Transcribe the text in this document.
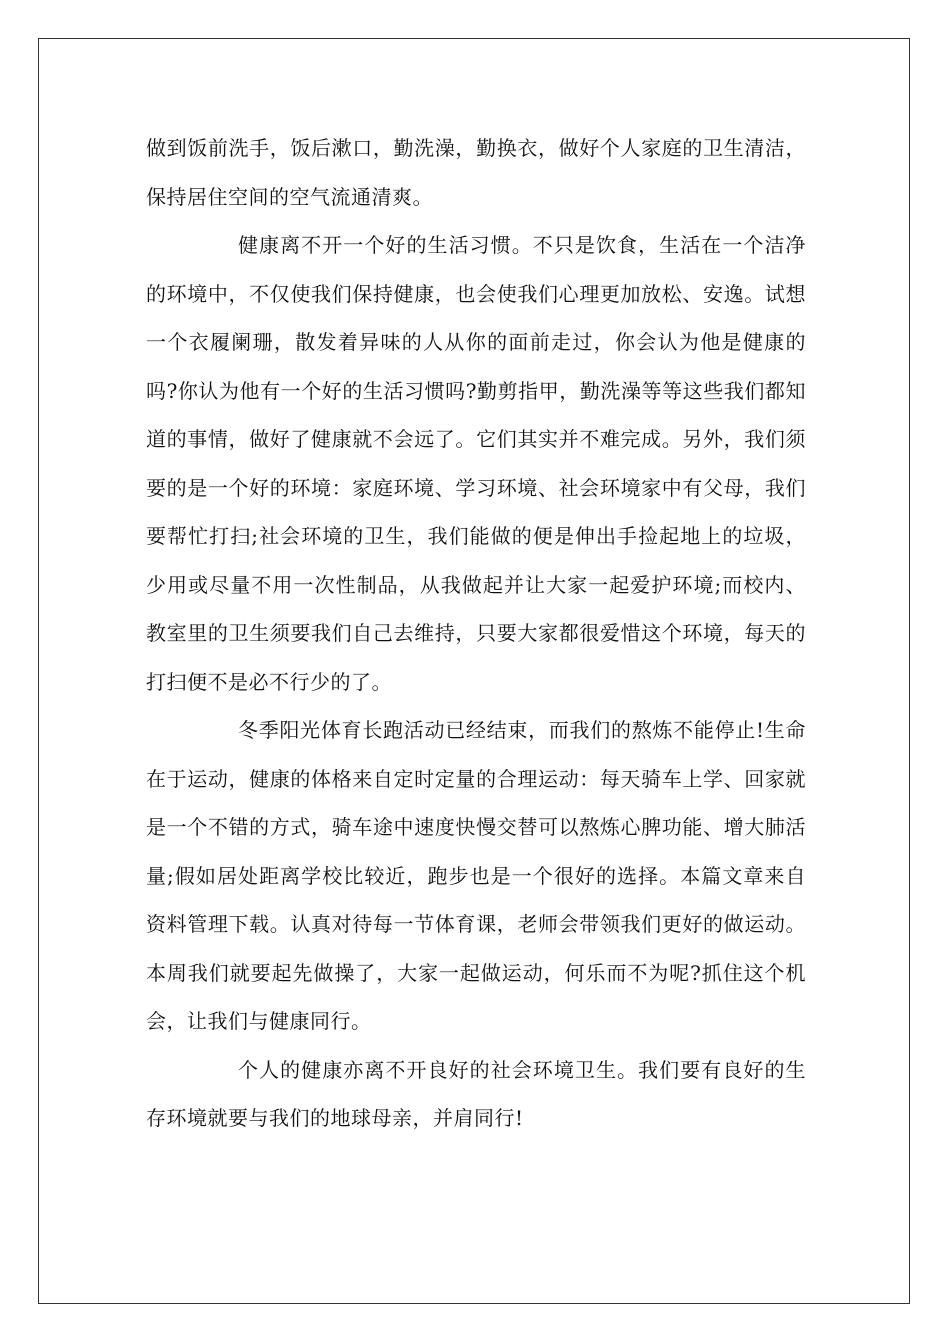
做到饭前洗手，饭后漱口，勤洗澡，勤换衣，做好个人家庭的卫生清洁，保持居住空间的空气流通清爽。

健康离不开一个好的生活习惯。不只是饮食，生活在一个洁净的环境中，不仅使我们保持健康，也会使我们心理更加放松、安逸。试想一个衣履阑珊，散发着异味的人从你的面前走过，你会认为他是健康的吗?你认为他有一个好的生活习惯吗?勤剪指甲，勤洗澡等等这些我们都知道的事情，做好了健康就不会远了。它们其实并不难完成。另外，我们须要的是一个好的环境：家庭环境、学习环境、社会环境家中有父母，我们要帮忙打扫;社会环境的卫生，我们能做的便是伸出手捡起地上的垃圾，少用或尽量不用一次性制品，从我做起并让大家一起爱护环境;而校内、教室里的卫生须要我们自己去维持，只要大家都很爱惜这个环境，每天的打扫便不是必不行少的了。

冬季阳光体育长跑活动已经结束，而我们的熬炼不能停止!生命在于运动，健康的体格来自定时定量的合理运动：每天骑车上学、回家就是一个不错的方式，骑车途中速度快慢交替可以熬炼心脾功能、增大肺活量;假如居处距离学校比较近，跑步也是一个很好的选择。本篇文章来自资料管理下载。认真对待每一节体育课，老师会带领我们更好的做运动。本周我们就要起先做操了，大家一起做运动，何乐而不为呢?抓住这个机会，让我们与健康同行。

个人的健康亦离不开良好的社会环境卫生。我们要有良好的生存环境就要与我们的地球母亲，并肩同行!
